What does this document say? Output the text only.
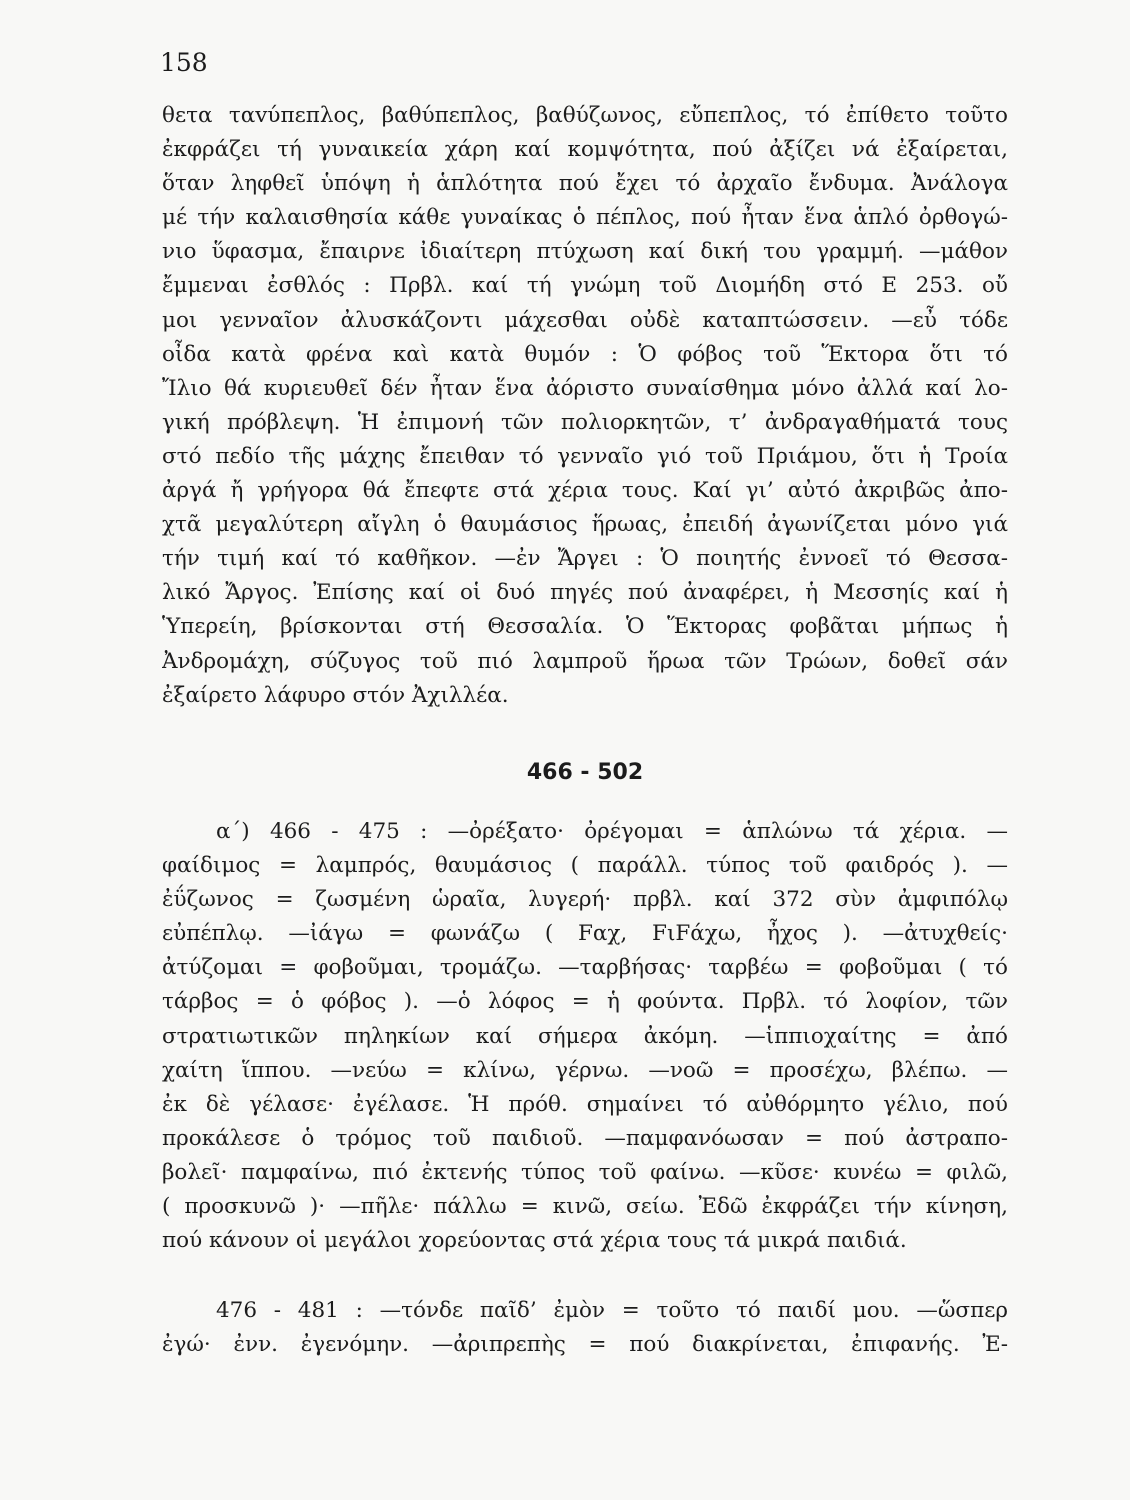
158
θετα ταvύπεπλος, βαθύπεπλος, βαθύζωνος, εὔπεπλος, τό ἐπίθετο τοῦτο
ἐκφράζει τή γυναικεία χάρη καί κομψότητα, πού ἀξίζει νά ἐξαίρεται,
ὅταν ληφθεῖ ὑπόψη ἡ ἁπλότητα πού ἔχει τό ἀρχαῖο ἔνδυμα. Ἀνάλογα
μέ τήν καλαισθησία κάθε γυναίκας ὁ πέπλος, πού ἦταν ἕνα ἁπλό ὀρθογώ-
νιο ὕφασμα, ἔπαιρνε ἰδιαίτερη πτύχωση καί δική του γραμμή. —μάθον
ἔμμεναι ἐσθλός : Πρβλ. καί τή γνώμη τοῦ Διομήδη στό Ε 253. οὔ
μοι γενναῖον ἀλυσκάζοντι μάχεσθαι οὐδὲ καταπτώσσειν. —εὖ τόδε
οἶδα κατὰ φρένα καὶ κατὰ θυμόν : Ὁ φόβος τοῦ Ἕκτορα ὅτι τό
Ἴλιο θά κυριευθεῖ δέν ἦταν ἕνα ἀόριστο συναίσθημα μόνο ἀλλά καί λο-
γική πρόβλεψη. Ἡ ἐπιμονή τῶν πολιορκητῶν, τ’ ἀνδραγαθήματά τους
στό πεδίο τῆς μάχης ἔπειθαν τό γενναῖο γιό τοῦ Πριάμου, ὅτι ἡ Τροία
ἀργά ἤ γρήγορα θά ἔπεφτε στά χέρια τους. Καί γι’ αὐτό ἀκριβῶς ἀπο-
χτᾶ μεγαλύτερη αἴγλη ὁ θαυμάσιος ἥρωας, ἐπειδή ἀγωνίζεται μόνο γιά
τήν τιμή καί τό καθῆκον. —ἐν Ἄργει : Ὁ ποιητής ἐννοεῖ τό Θεσσα-
λικό Ἄργος. Ἐπίσης καί οἱ δυό πηγές πού ἀναφέρει, ἡ Μεσσηίς καί ἡ
Ὑπερείη, βρίσκονται στή Θεσσαλία. Ὁ Ἕκτορας φοβᾶται μήπως ἡ
Ἀνδρομάχη, σύζυγος τοῦ πιό λαμπροῦ ἥρωα τῶν Τρώων, δοθεῖ σάν
ἐξαίρετο λάφυρο στόν Ἀχιλλέα.
466 - 502
α΄) 466 - 475 : —ὀρέξατο· ὀρέγομαι = ἁπλώνω τά χέρια. —
φαίδιμος = λαμπρός, θαυμάσιος ( παράλλ. τύπος τοῦ φαιδρός ). —
ἐΰζωνος = ζωσμένη ὡραῖα, λυγερή· πρβλ. καί 372 σὺν ἀμφιπόλῳ
εὐπέπλῳ. —ἰάγω = φωνάζω ( Fαχ, FιFάχω, ἦχος ). —ἀτυχθείς·
ἀτύζομαι = φοβοῦμαι, τρομάζω. —ταρβήσας· ταρβέω = φοβοῦμαι ( τό
τάρβος = ὁ φόβος ). —ὁ λόφος = ἡ φούντα. Πρβλ. τό λοφίον, τῶν
στρατιωτικῶν πηληκίων καί σήμερα ἀκόμη. —ἱππιοχαίτης = ἀπό
χαίτη ἵππου. —νεύω = κλίνω, γέρνω. —νοῶ = προσέχω, βλέπω. —
ἐκ δὲ γέλασε· ἐγέλασε. Ἡ πρόθ. σημαίνει τό αὐθόρμητο γέλιο, πού
προκάλεσε ὁ τρόμος τοῦ παιδιοῦ. —παμφανόωσαν = πού ἀστραπο-
βολεῖ· παμφαίνω, πιό ἐκτενής τύπος τοῦ φαίνω. —κῦσε· κυνέω = φιλῶ,
( προσκυνῶ )· —πῆλε· πάλλω = κινῶ, σείω. Ἐδῶ ἐκφράζει τήν κίνηση,
πού κάνουν οἱ μεγάλοι χορεύοντας στά χέρια τους τά μικρά παιδιά.
476 - 481 : —τόνδε παῖδ’ ἐμὸν = τοῦτο τό παιδί μου. —ὥσπερ
ἐγώ· ἐνν. ἐγενόμην. —ἀριπρεπὴς = πού διακρίνεται, ἐπιφανής. Ἐ-
